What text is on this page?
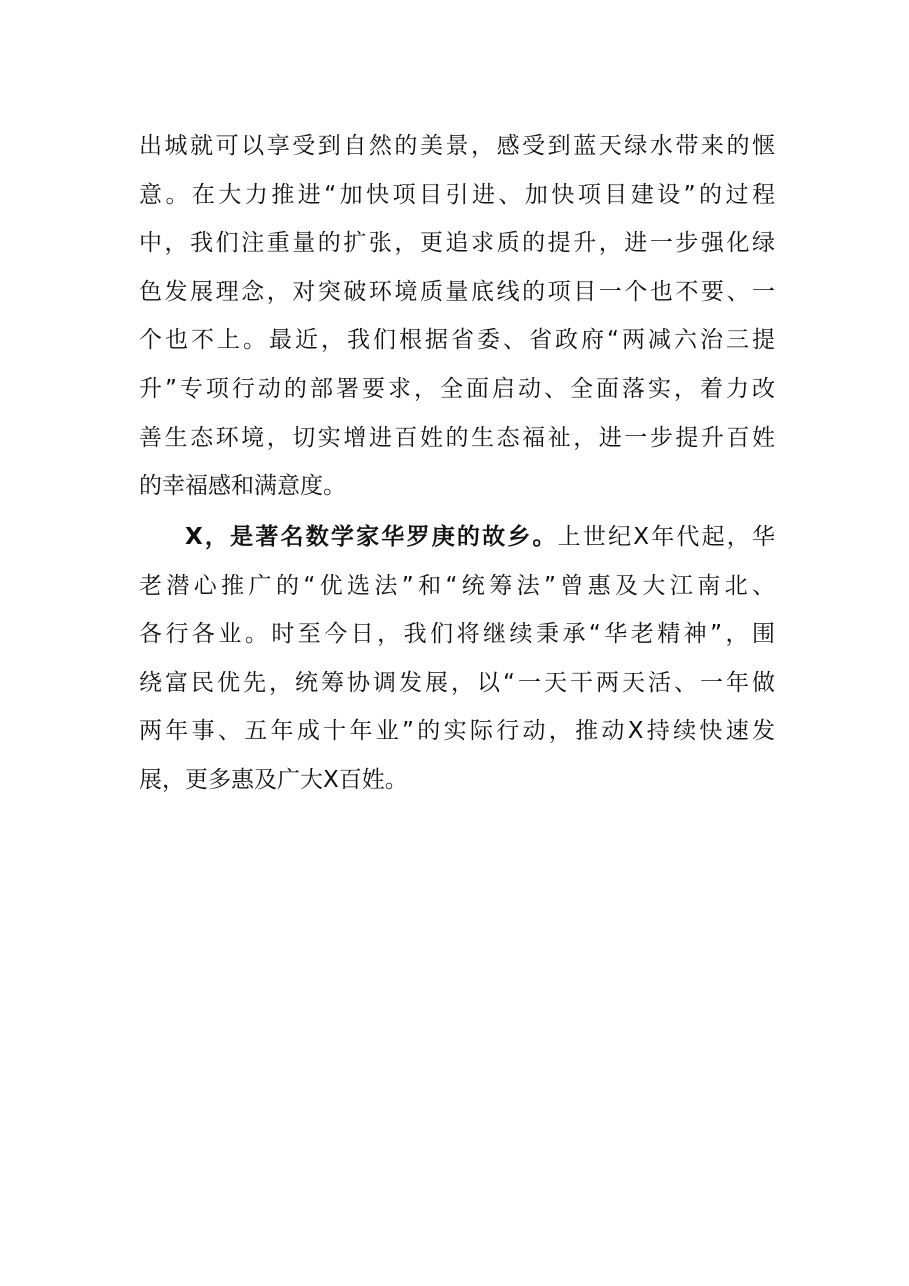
出城就可以享受到自然的美景，感受到蓝天绿水带来的惬
意。在大力推进“加快项目引进、加快项目建设”的过程
中，我们注重量的扩张，更追求质的提升，进一步强化绿
色发展理念，对突破环境质量底线的项目一个也不要、一
个也不上。最近，我们根据省委、省政府“两减六治三提
升”专项行动的部署要求，全面启动、全面落实，着力改
善生态环境，切实增进百姓的生态福祉，进一步提升百姓
的幸福感和满意度。
X，是著名数学家华罗庚的故乡。上世纪X年代起，华
老潜心推广的“优选法”和“统筹法”曾惠及大江南北、
各行各业。时至今日，我们将继续秉承“华老精神”，围
绕富民优先，统筹协调发展，以“一天干两天活、一年做
两年事、五年成十年业”的实际行动，推动X持续快速发
展，更多惠及广大X百姓。
